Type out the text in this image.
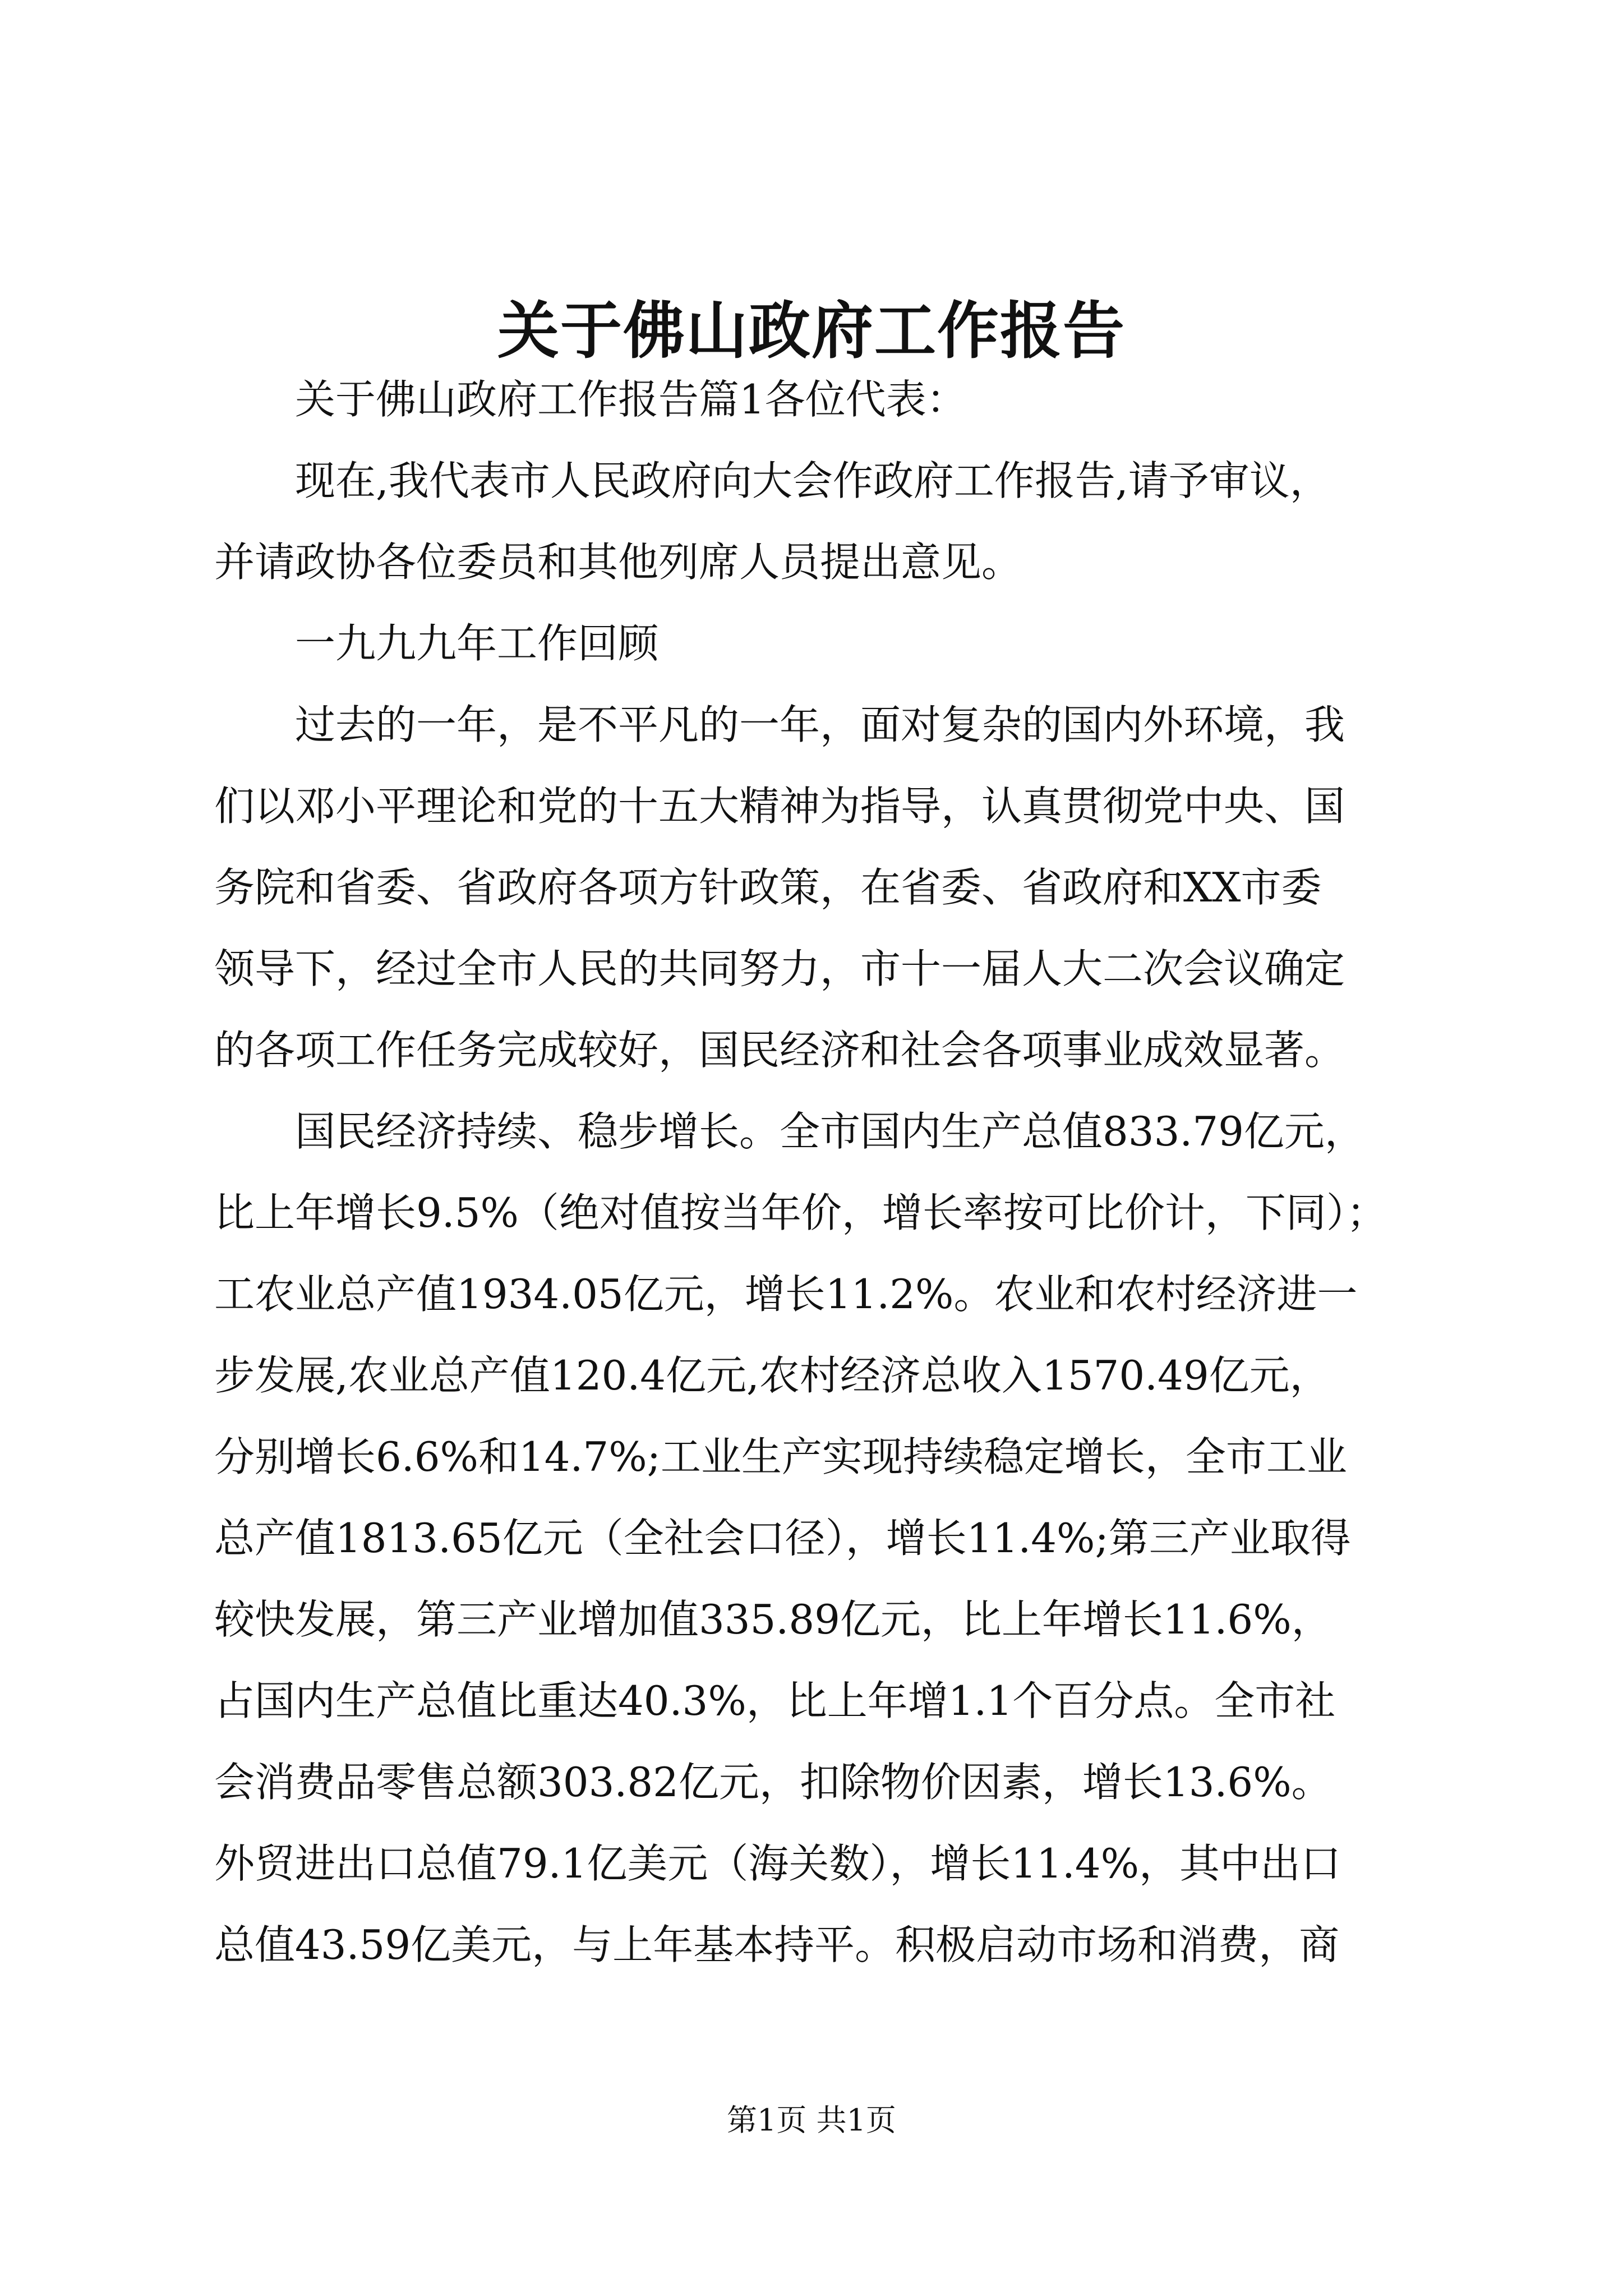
关于佛山政府工作报告

关于佛山政府工作报告篇1各位代表：

现在,我代表市人民政府向大会作政府工作报告,请予审议，
并请政协各位委员和其他列席人员提出意见。

一九九九年工作回顾

过去的一年，是不平凡的一年，面对复杂的国内外环境，我
们以邓小平理论和党的十五大精神为指导，认真贯彻党中央、国
务院和省委、省政府各项方针政策，在省委、省政府和XX市委
领导下，经过全市人民的共同努力，市十一届人大二次会议确定
的各项工作任务完成较好，国民经济和社会各项事业成效显著。

国民经济持续、稳步增长。全市国内生产总值833.79亿元，
比上年增长9.5%（绝对值按当年价，增长率按可比价计，下同）；
工农业总产值1934.05亿元，增长11.2%。农业和农村经济进一
步发展,农业总产值120.4亿元,农村经济总收入1570.49亿元，
分别增长6.6%和14.7%;工业生产实现持续稳定增长，全市工业
总产值1813.65亿元（全社会口径），增长11.4%;第三产业取得
较快发展，第三产业增加值335.89亿元，比上年增长11.6%，
占国内生产总值比重达40.3%，比上年增1.1个百分点。全市社
会消费品零售总额303.82亿元，扣除物价因素，增长13.6%。
外贸进出口总值79.1亿美元（海关数），增长11.4%，其中出口
总值43.59亿美元，与上年基本持平。积极启动市场和消费，商

第1页 共1页
